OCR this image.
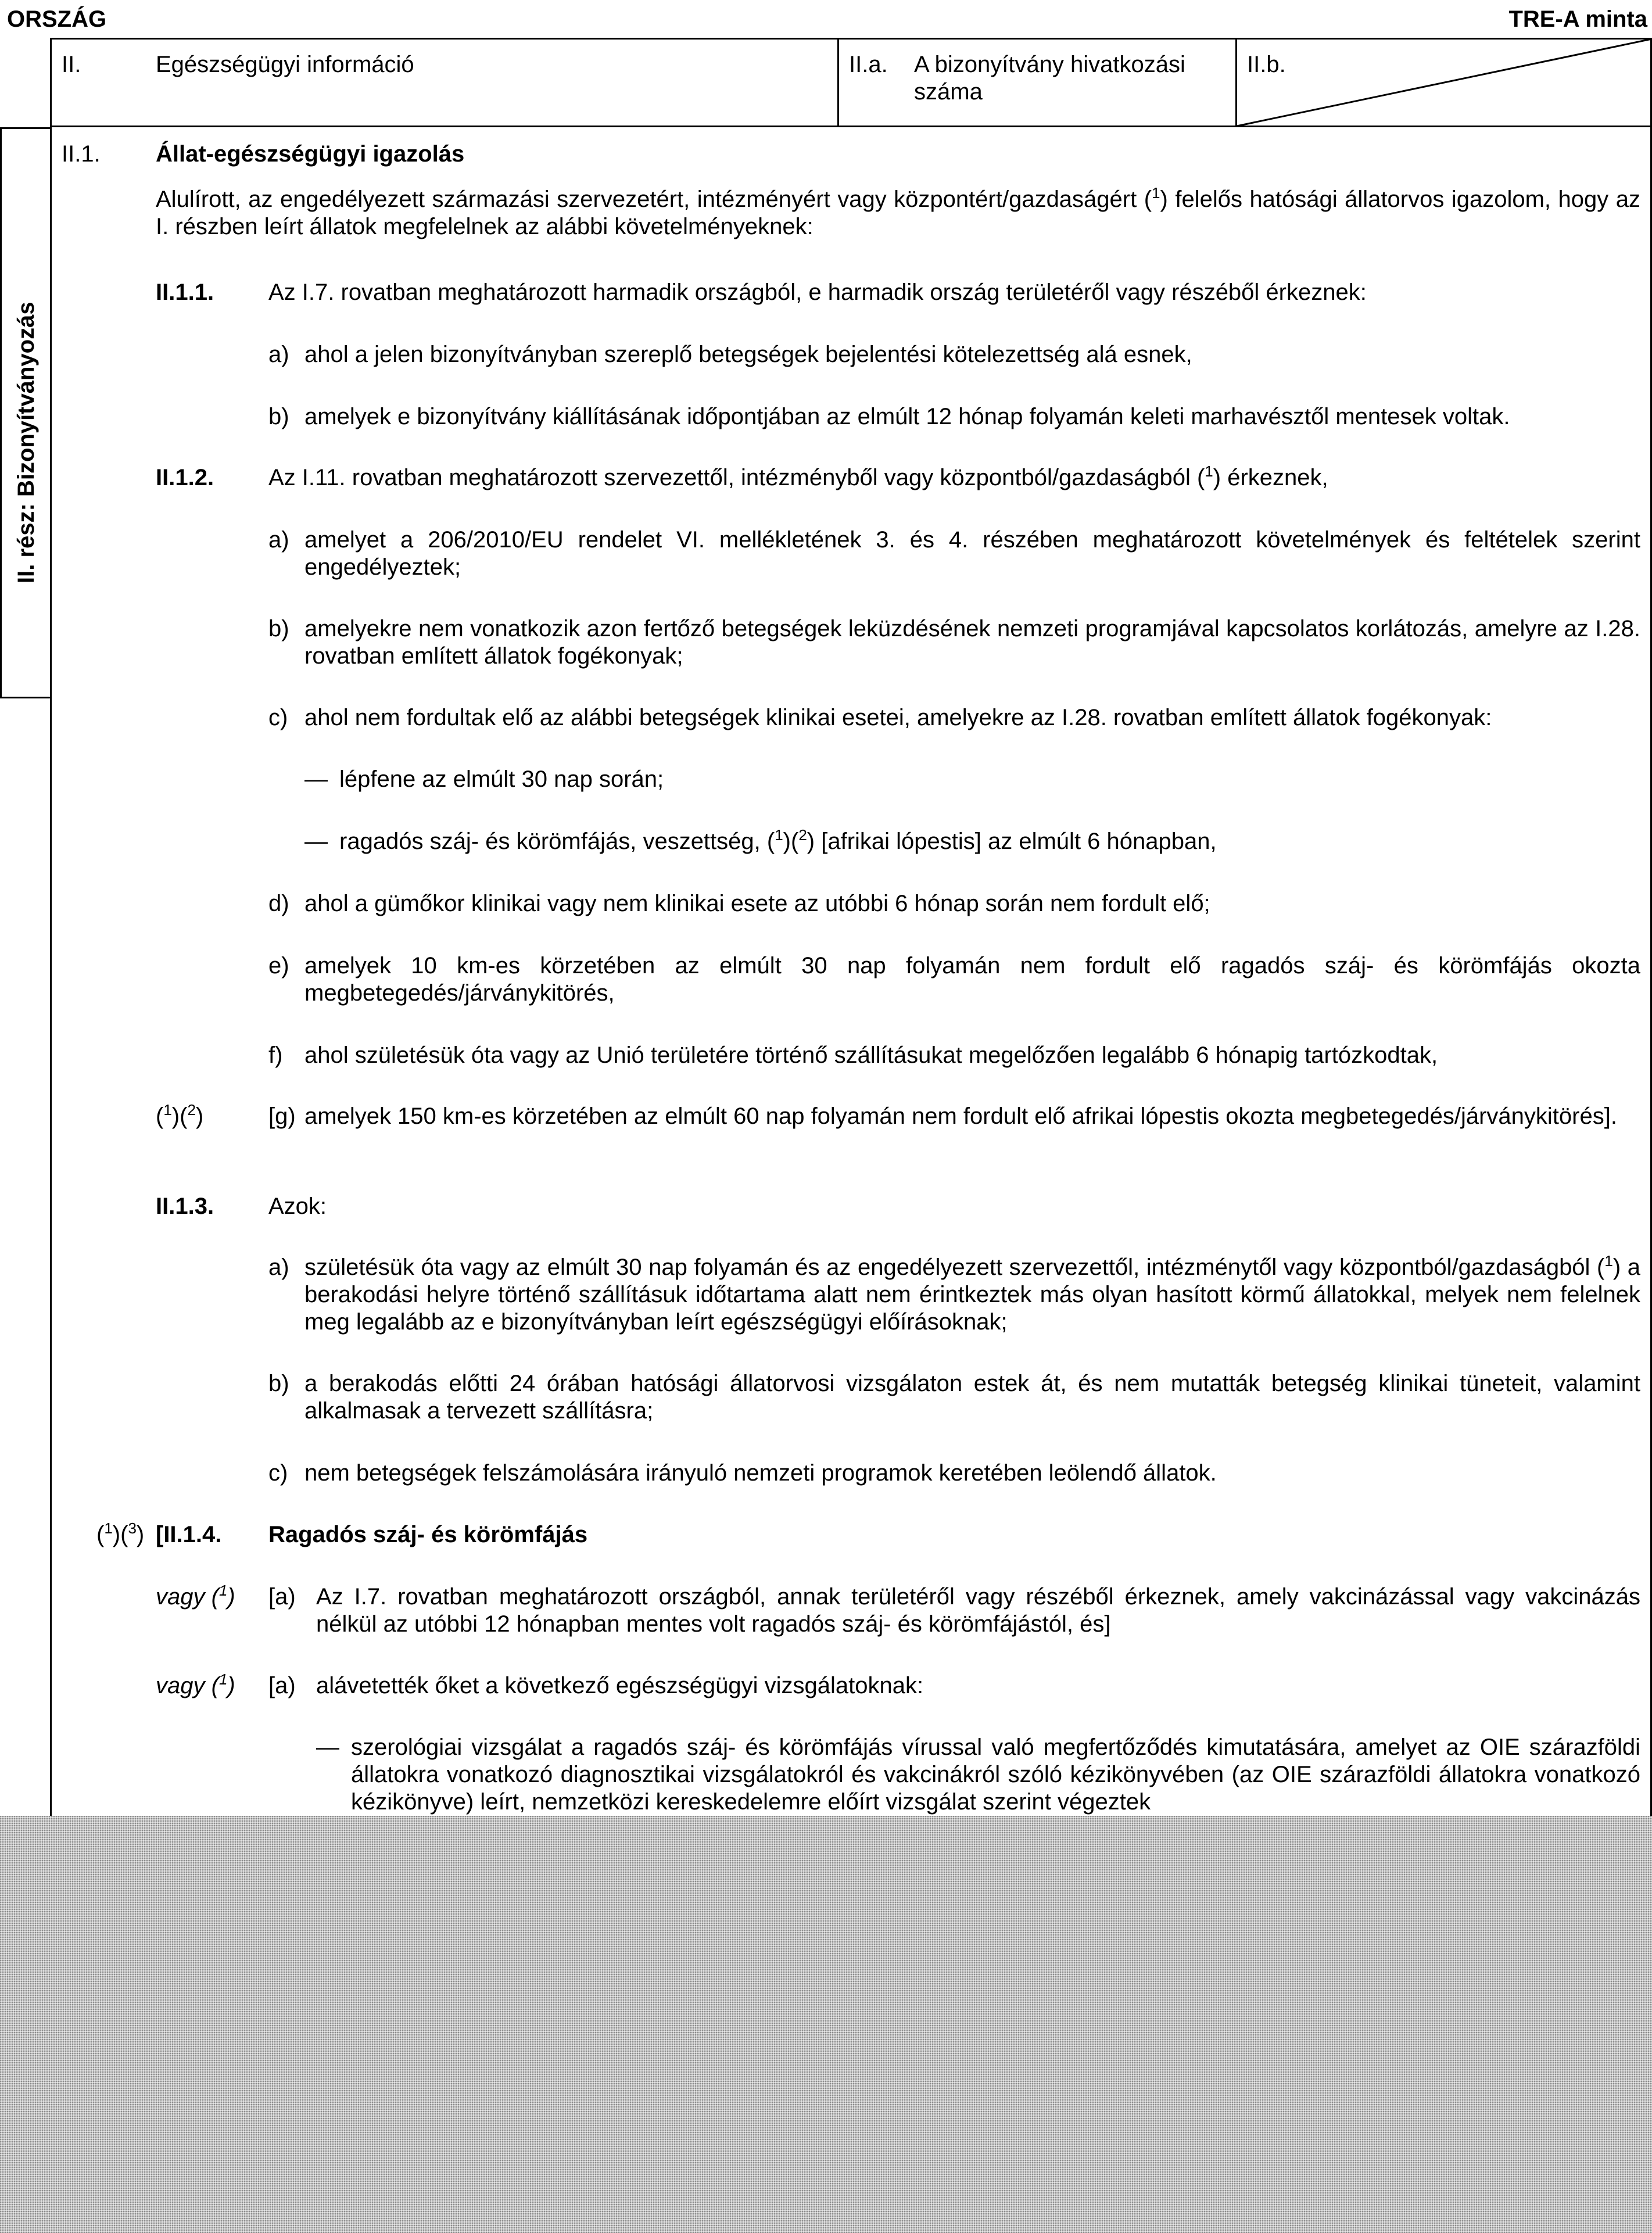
ORSZÁG	TRE-A minta
II.	Egészségügyi információ	II.a. A bizonyítvány hivatkozási száma
II.b.
II. rész: Bizonyítványozás
II.1. Állat-egészségügyi igazolás
Alulírott, az engedélyezett származási szervezetért, intézményért vagy központért/gazdaságért ($^1$) felelős hatósági állatorvos igazolom, hogy az I. részben leírt állatok megfelelnek az alábbi követelményeknek:
II.1.1. Az I.7. rovatban meghatározott harmadik országból, e harmadik ország területéről vagy részéből érkeznek:
a) ahol a jelen bizonyítványban szereplő betegségek bejelentési kötelezettség alá esnek,
b) amelyek e bizonyítvány kiállításának időpontjában az elmúlt 12 hónap folyamán keleti marhavésztől mentesek voltak.
II.1.2. Az I.11. rovatban meghatározott szervezettől, intézményből vagy központból/gazdaságból ($^1$) érkeznek,
a) amelyet a 206/2010/EU rendelet VI. mellékletének 3. és 4. részében meghatározott követelmények és feltételek szerint engedélyeztek;
b) amelyekre nem vonatkozik azon fertőző betegségek leküzdésének nemzeti programjával kapcsolatos korlátozás, amelyre az I.28. rovatban említett állatok fogékonyak;
c) ahol nem fordultak elő az alábbi betegségek klinikai esetei, amelyekre az I.28. rovatban említett állatok fogékonyak:
— lépfene az elmúlt 30 nap során;
— ragadós száj- és körömfájás, veszettség, ($^1$)($^2$) [afrikai lópestis] az elmúlt 6 hónapban,
d) ahol a gümőkor klinikai vagy nem klinikai esete az utóbbi 6 hónap során nem fordult elő;
e) amelyek 10 km-es körzetében az elmúlt 30 nap folyamán nem fordult elő ragadós száj- és körömfájás okozta megbetegedés/járványkitörés,
f) ahol születésük óta vagy az Unió területére történő szállításukat megelőzően legalább 6 hónapig tartózkodtak,
($^1$)($^2$)	[g) amelyek 150 km-es körzetében az elmúlt 60 nap folyamán nem fordult elő afrikai lópestis okozta megbetegedés/járványkitörés].
II.1.3. Azok:
a) születésük óta vagy az elmúlt 30 nap folyamán és az engedélyezett szervezettől, intézménytől vagy központból/gazdaságból ($^1$) a berakodási helyre történő szállításuk időtartama alatt nem érintkeztek más olyan hasított körmű állatokkal, melyek nem felelnek meg legalább az e bizonyítványban leírt egészségügyi előírásoknak;
b) a berakodás előtti 24 órában hatósági állatorvosi vizsgálaton estek át, és nem mutatták betegség klinikai tüneteit, valamint alkalmasak a tervezett szállításra;
c) nem betegségek felszámolására irányuló nemzeti programok keretében leölendő állatok.
($^1$)($^3$) [II.1.4. Ragadós száj- és körömfájás
vagy ($^1$) [a) Az I.7. rovatban meghatározott országból, annak területéről vagy részéből érkeznek, amely vakcinázással vagy vakcinázás nélkül az utóbbi 12 hónapban mentes volt ragadós száj- és körömfájástól, és]
vagy ($^1$) [a) alávetették őket a következő egészségügyi vizsgálatoknak:
— szerológiai vizsgálat a ragadós száj- és körömfájás vírussal való megfertőződés kimutatására, amelyet az OIE szárazföldi állatokra vonatkozó diagnosztikai vizsgálatokról és vakcinákról szóló kézikönyvében (az OIE szárazföldi állatokra vonatkozó kézikönyve) leírt, nemzetközi kereskedelemre előírt vizsgálat szerint végeztek
